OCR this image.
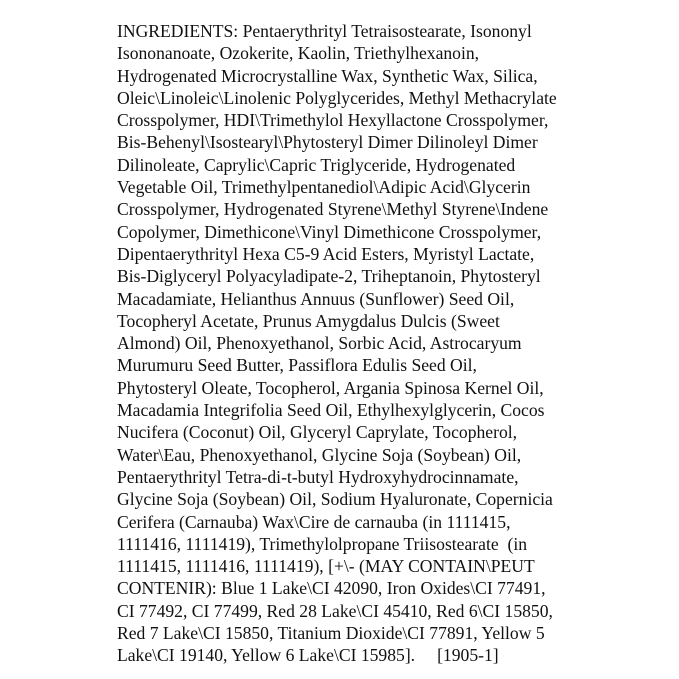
INGREDIENTS: Pentaerythrityl Tetraisostearate, Isononyl
Isononanoate, Ozokerite, Kaolin, Triethylhexanoin,
Hydrogenated Microcrystalline Wax, Synthetic Wax, Silica,
Oleic\Linoleic\Linolenic Polyglycerides, Methyl Methacrylate
Crosspolymer, HDI\Trimethylol Hexyllactone Crosspolymer,
Bis-Behenyl\Isostearyl\Phytosteryl Dimer Dilinoleyl Dimer
Dilinoleate, Caprylic\Capric Triglyceride, Hydrogenated
Vegetable Oil, Trimethylpentanediol\Adipic Acid\Glycerin
Crosspolymer, Hydrogenated Styrene\Methyl Styrene\Indene
Copolymer, Dimethicone\Vinyl Dimethicone Crosspolymer,
Dipentaerythrityl Hexa C5-9 Acid Esters, Myristyl Lactate,
Bis-Diglyceryl Polyacyladipate-2, Triheptanoin, Phytosteryl
Macadamiate, Helianthus Annuus (Sunflower) Seed Oil,
Tocopheryl Acetate, Prunus Amygdalus Dulcis (Sweet
Almond) Oil, Phenoxyethanol, Sorbic Acid, Astrocaryum
Murumuru Seed Butter, Passiflora Edulis Seed Oil,
Phytosteryl Oleate, Tocopherol, Argania Spinosa Kernel Oil,
Macadamia Integrifolia Seed Oil, Ethylhexylglycerin, Cocos
Nucifera (Coconut) Oil, Glyceryl Caprylate, Tocopherol,
Water\Eau, Phenoxyethanol, Glycine Soja (Soybean) Oil,
Pentaerythrityl Tetra-di-t-butyl Hydroxyhydrocinnamate,
Glycine Soja (Soybean) Oil, Sodium Hyaluronate, Copernicia
Cerifera (Carnauba) Wax\Cire de carnauba (in 1111415,
1111416, 1111419), Trimethylolpropane Triisostearate  (in
1111415, 1111416, 1111419), [+\- (MAY CONTAIN\PEUT
CONTENIR): Blue 1 Lake\CI 42090, Iron Oxides\CI 77491,
CI 77492, CI 77499, Red 28 Lake\CI 45410, Red 6\CI 15850,
Red 7 Lake\CI 15850, Titanium Dioxide\CI 77891, Yellow 5
Lake\CI 19140, Yellow 6 Lake\CI 15985].     [1905-1]
